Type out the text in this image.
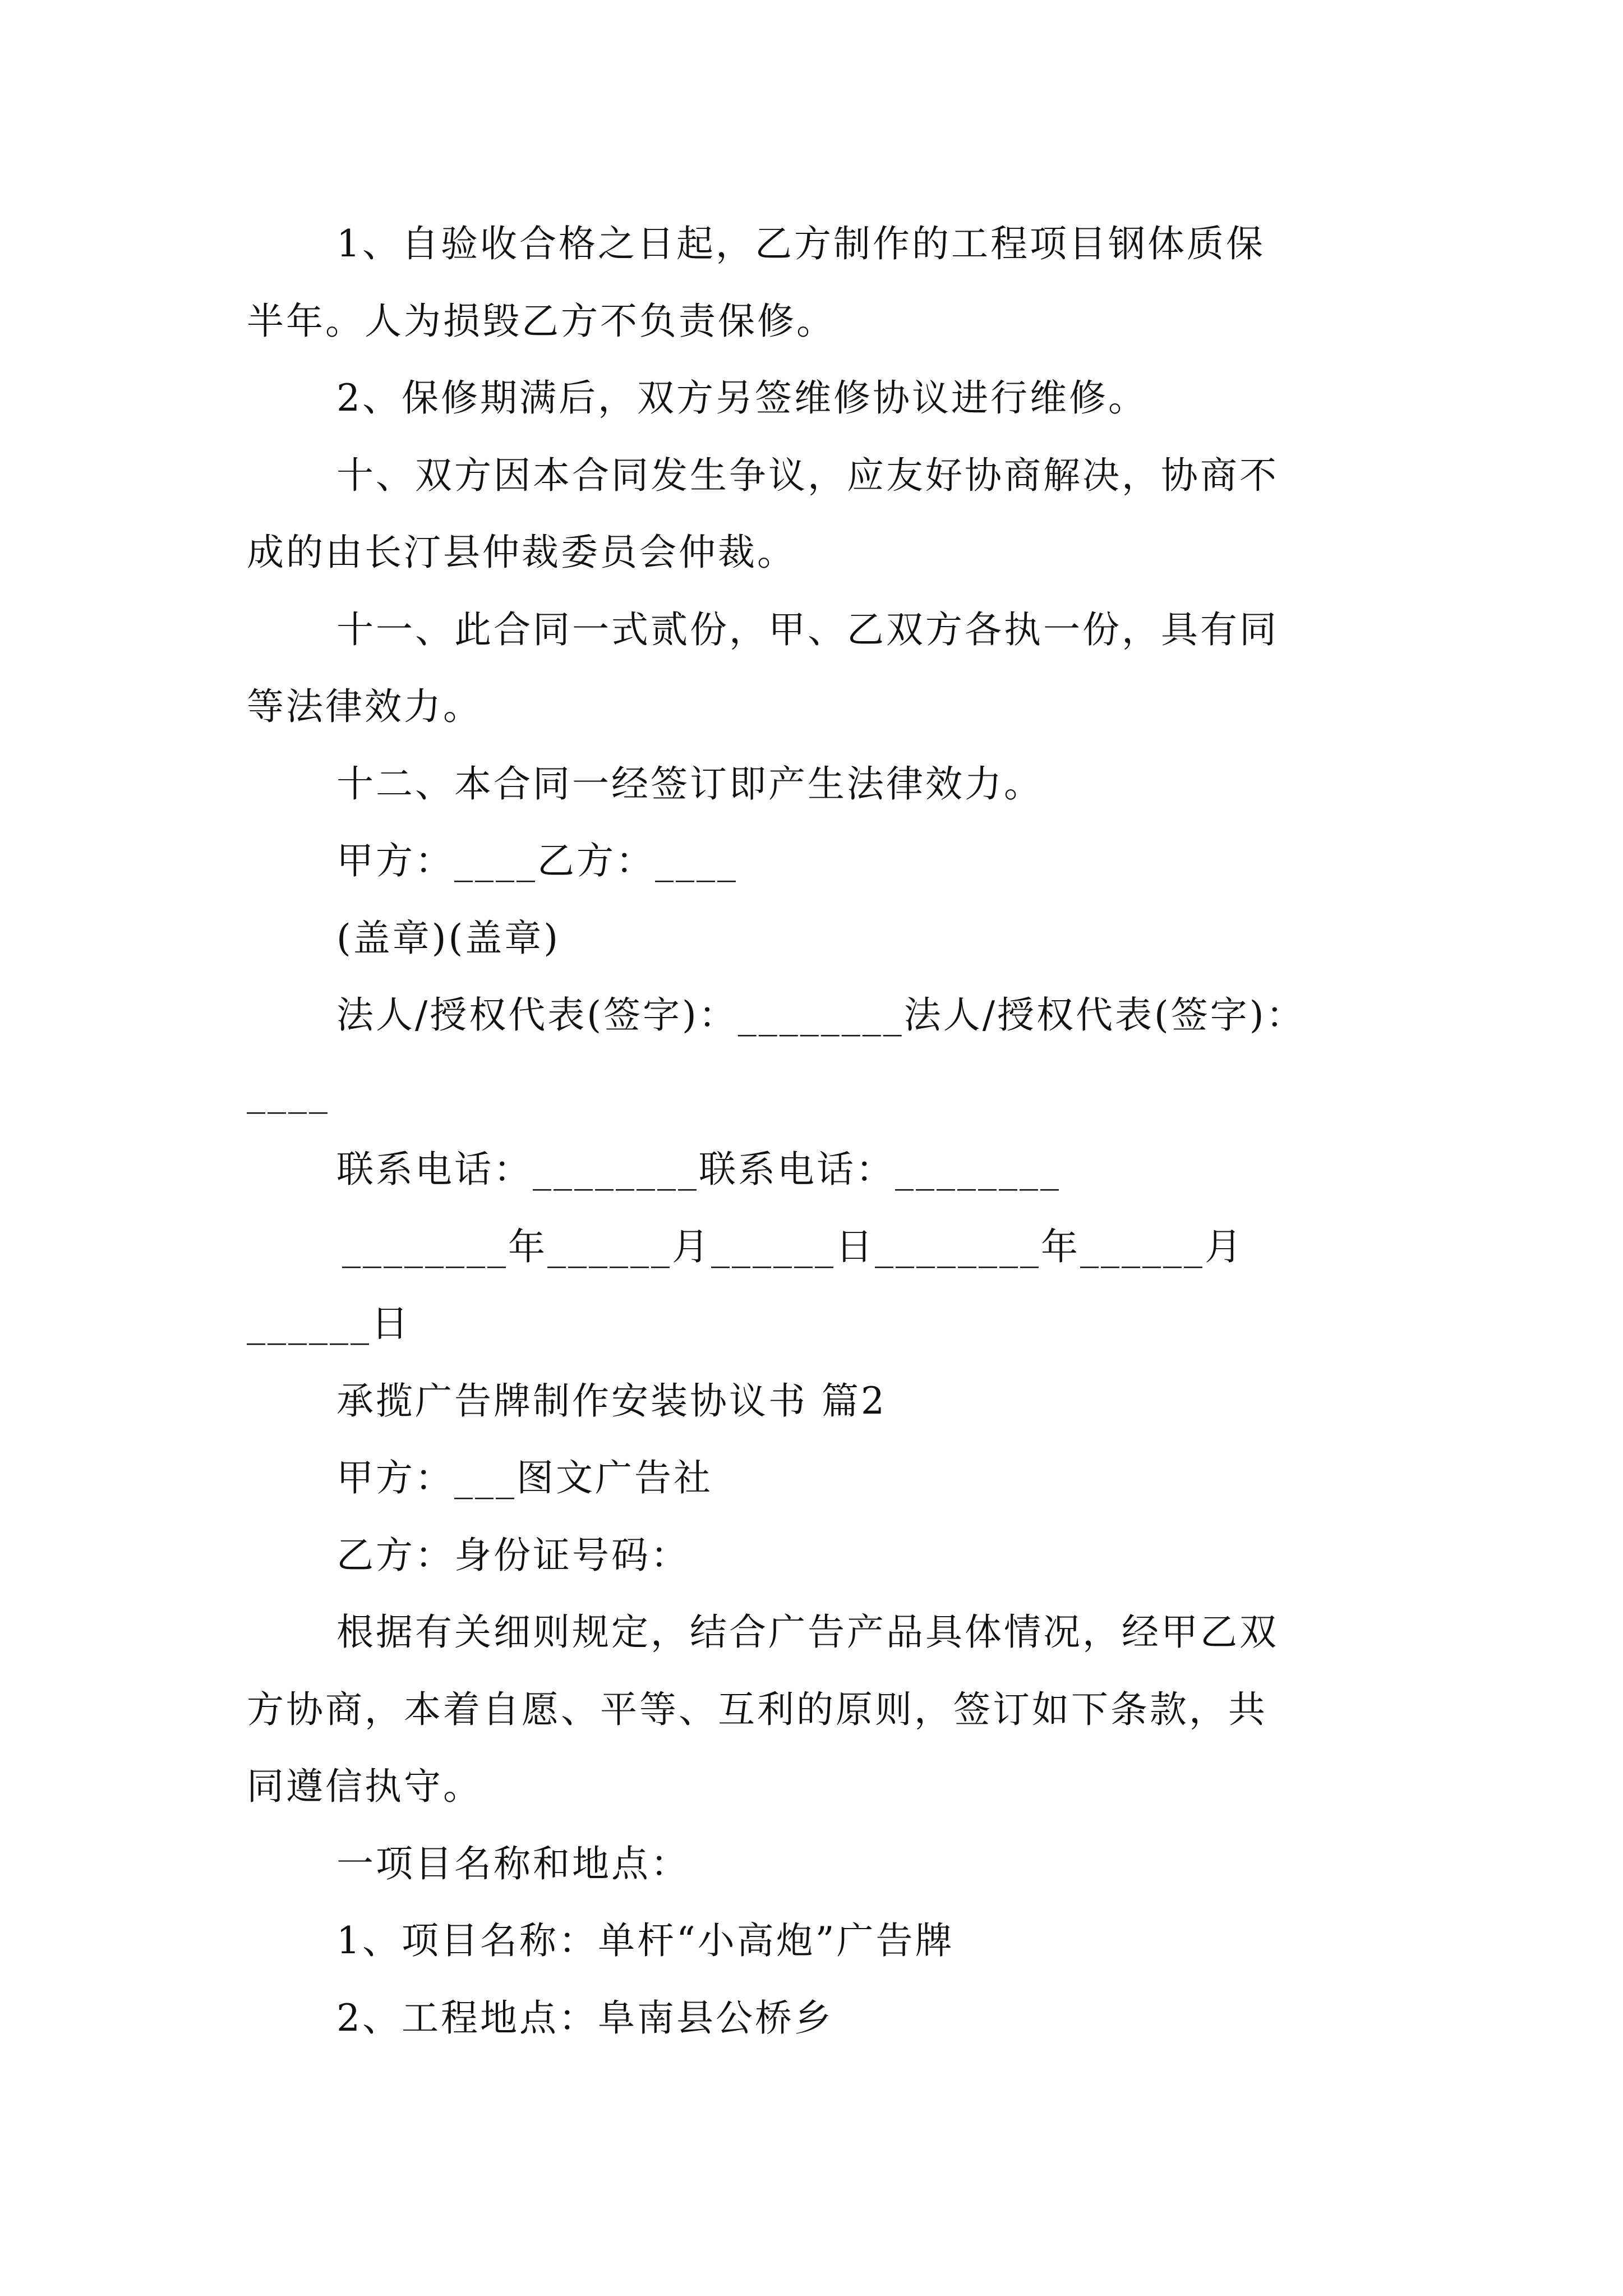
1、自验收合格之日起，乙方制作的工程项目钢体质保
半年。人为损毁乙方不负责保修。
2、保修期满后，双方另签维修协议进行维修。
十、双方因本合同发生争议，应友好协商解决，协商不
成的由长汀县仲裁委员会仲裁。
十一、此合同一式贰份，甲、乙双方各执一份，具有同
等法律效力。
十二、本合同一经签订即产生法律效力。
甲方：____乙方：____
(盖章)(盖章)
法人/授权代表(签字)：________法人/授权代表(签字)：
____
联系电话：________联系电话：________
________年______月______日________年______月
______日
承揽广告牌制作安装协议书 篇2
甲方：___图文广告社
乙方：身份证号码：
根据有关细则规定，结合广告产品具体情况，经甲乙双
方协商，本着自愿、平等、互利的原则，签订如下条款，共
同遵信执守。
一项目名称和地点：
1、项目名称：单杆“小高炮”广告牌
2、工程地点：阜南县公桥乡
